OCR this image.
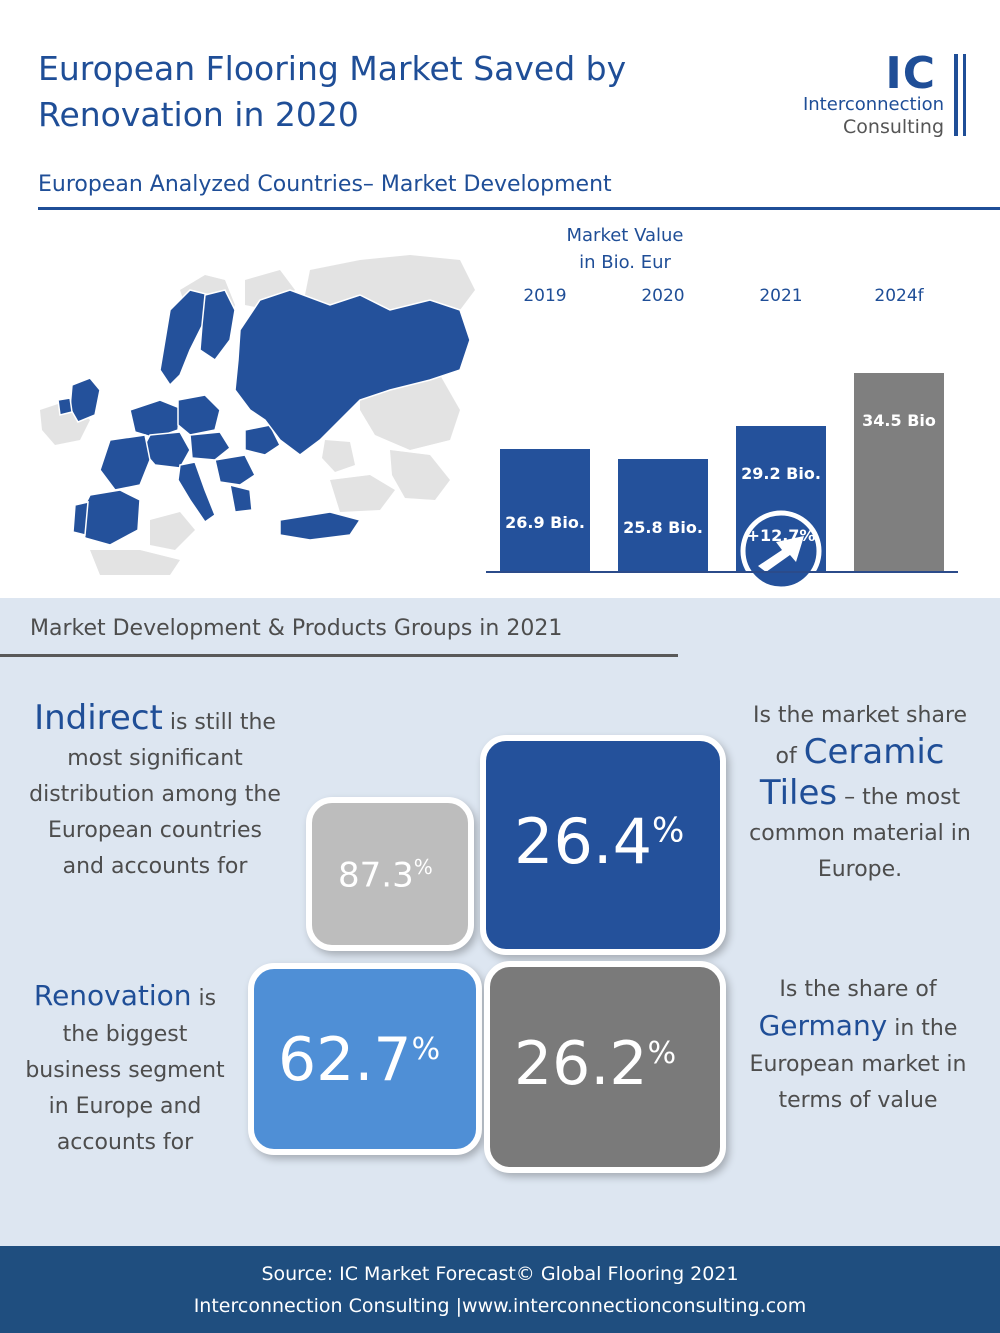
European Flooring Market Saved by Renovation in 2020
IC
Interconnection
Consulting
European Analyzed Countries– Market Development
Market Value
in Bio. Eur
2019
26.9 Bio.
2020
25.8 Bio.
2021
29.2 Bio.
+12.7%
2024f
34.5 Bio
Market Development & Products Groups in 2021
Indirect is still the
most significant
distribution among the
European countries
and accounts for	87.3% 26.4%
62.7% 26.2%
Is the market share
of Ceramic
Tiles – the most
common material in
Europe.
Renovation is
the biggest
business segment
in Europe and
accounts for
Is the share of
Germany in the
European market in
terms of value
Source: IC Market Forecast© Global Flooring 2021
Interconnection Consulting |www.interconnectionconsulting.com
